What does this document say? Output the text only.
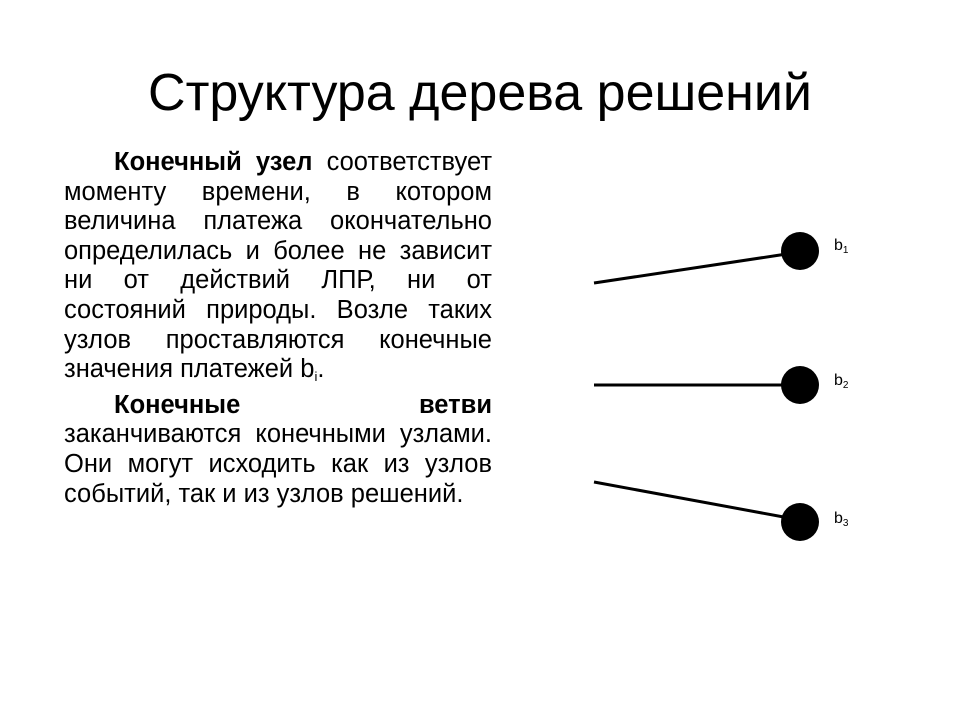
Структура дерева решений

Конечный узел соответствует моменту времени, в котором величина платежа окончательно определилась и более не зависит ни от действий ЛПР, ни от состояний природы. Возле таких узлов проставляются конечные значения платежей $b_i$.

Конечные ветви заканчиваются конечными узлами. Они могут исходить как из узлов событий, так и из узлов решений.

$b_1$
$b_2$
$b_3$
